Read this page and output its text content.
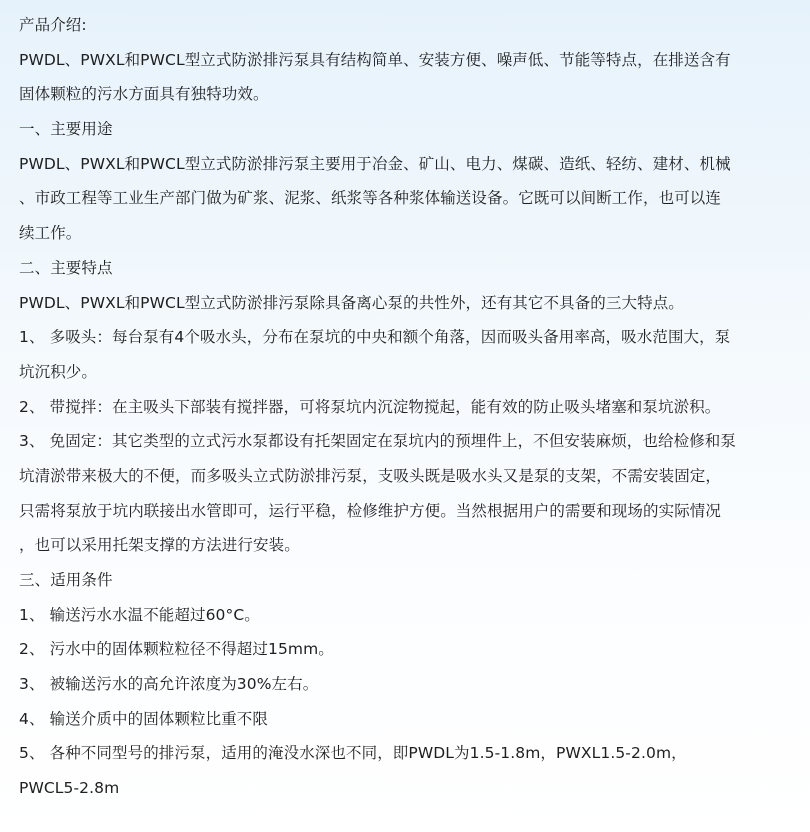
产品介绍:
PWDL、PWXL和PWCL型立式防淤排污泵具有结构简单、安装方便、噪声低、节能等特点，在排送含有
固体颗粒的污水方面具有独特功效。
一、主要用途
PWDL、PWXL和PWCL型立式防淤排污泵主要用于冶金、矿山、电力、煤碳、造纸、轻纺、建材、机械
、市政工程等工业生产部门做为矿浆、泥浆、纸浆等各种浆体输送设备。它既可以间断工作，也可以连
续工作。
二、主要特点
PWDL、PWXL和PWCL型立式防淤排污泵除具备离心泵的共性外，还有其它不具备的三大特点。
1、 多吸头：每台泵有4个吸水头，分布在泵坑的中央和额个角落，因而吸头备用率高，吸水范围大，泵
坑沉积少。
2、 带搅拌：在主吸头下部装有搅拌器，可将泵坑内沉淀物搅起，能有效的防止吸头堵塞和泵坑淤积。
3、 免固定：其它类型的立式污水泵都设有托架固定在泵坑内的预埋件上，不但安装麻烦，也给检修和泵
坑清淤带来极大的不便，而多吸头立式防淤排污泵，支吸头既是吸水头又是泵的支架，不需安装固定，
只需将泵放于坑内联接出水管即可，运行平稳，检修维护方便。当然根据用户的需要和现场的实际情况
，也可以采用托架支撑的方法进行安装。
三、适用条件
1、 输送污水水温不能超过60°C。
2、 污水中的固体颗粒粒径不得超过15mm。
3、 被输送污水的高允许浓度为30%左右。
4、 输送介质中的固体颗粒比重不限
5、 各种不同型号的排污泵，适用的淹没水深也不同，即PWDL为1.5-1.8m，PWXL1.5-2.0m，
PWCL5-2.8m
